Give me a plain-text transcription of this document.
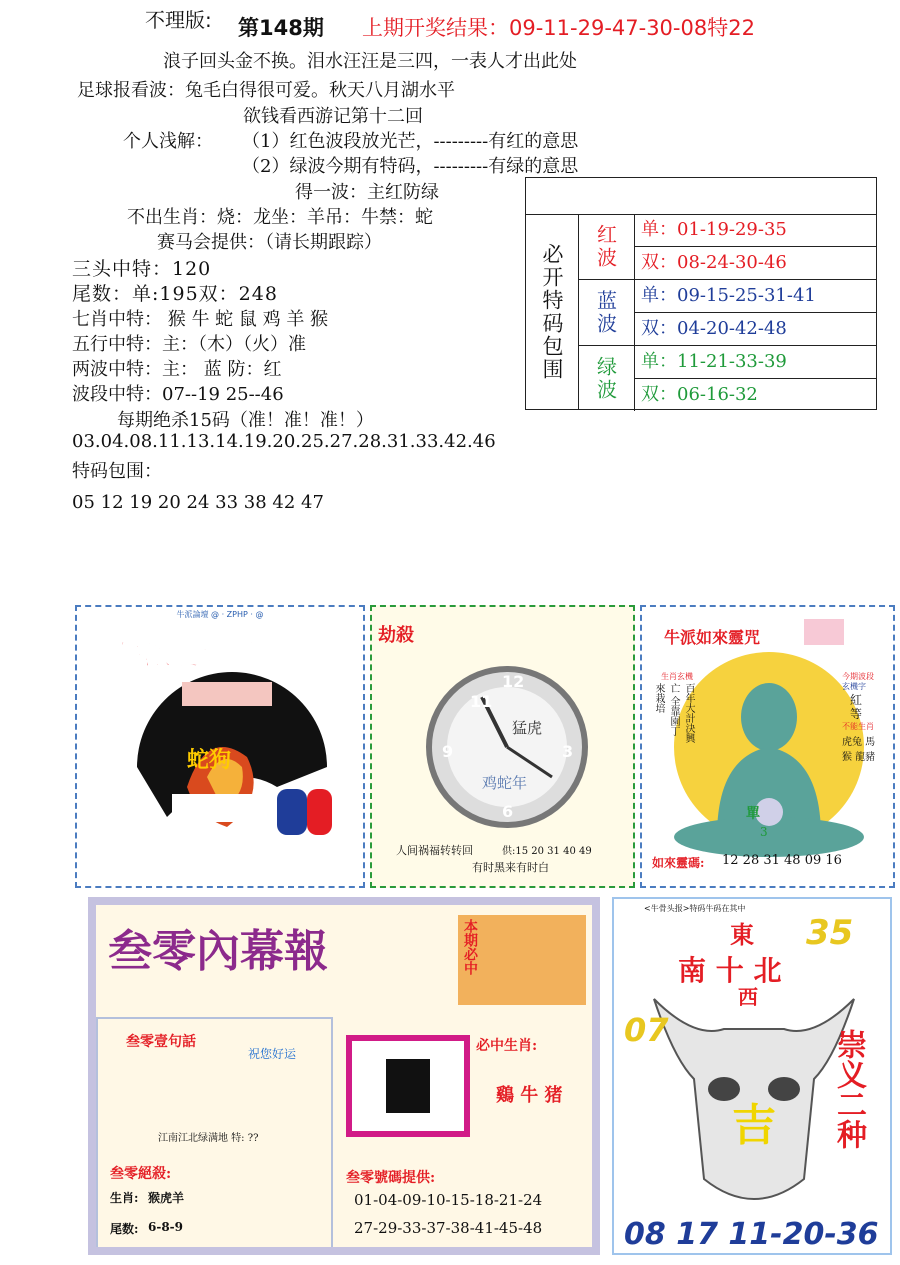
不理版: 第148期 上期开奖结果：09-11-29-47-30-08特22
浪子回头金不换。泪水汪汪是三四，一表人才出此处
足球报看波：兔毛白得很可爱。秋天八月湖水平
欲钱看西游记第十二回
个人浅解： （1）红色波段放光芒，---------有红的意思
（2）绿波今期有特码，---------有绿的意思
得一波：主红防绿
不出生肖：烧：龙坐：羊吊：牛禁：蛇
赛马会提供：（请长期跟踪）
三头中特：120
尾数：单:195双：248
七肖中特： 猴 牛 蛇 鼠 鸡 羊 猴
五行中特：主：（木）（火）准
两波中特：主： 蓝 防：红
波段中特：07--19 25--46
每期绝杀15码（准！准！准！）
03.04.08.11.13.14.19.20.25.27.28.31.33.42.46
特码包围：
05 12 19 20 24 33 38 42 47
必开特码包围	红波	单：01-19-29-35
双：08-24-30-46
蓝波	单：09-15-25-31-41
双：04-20-42-48
绿波	单：11-21-33-39
双：06-16-32
牛派論壇 @ · ZPHP · @
牛派雙燒圖
蛇狗
劫殺
11
12
9	3
6
猛虎
鸡蛇年
人间祸福转转回	供:15 20 31 40 49
有时黑来有时白
牛派如來靈咒
生肖玄機
百年大計決興亡 全靠園丁來栽培
今期波段
玄機字
紅
等
不能生肖
虎兔 馬猴 龍豬
單
3
如來靈碼: 12 28 31 48 09 16
叁零內幕報	本期必中
叁零壹句話
祝您好运
江南江北绿满地 特: ??
叁零絕殺:
生肖: 猴虎羊
尾数: 6-8-9
必中生肖:
鷄 牛 猪
叁零號碼提供:
01-04-09-10-15-18-21-24
27-29-33-37-38-41-45-48
<牛骨头报>特码牛码在其中
東
南 十 北
西
35
07	崇义二种
吉
08 17 11-20-36
